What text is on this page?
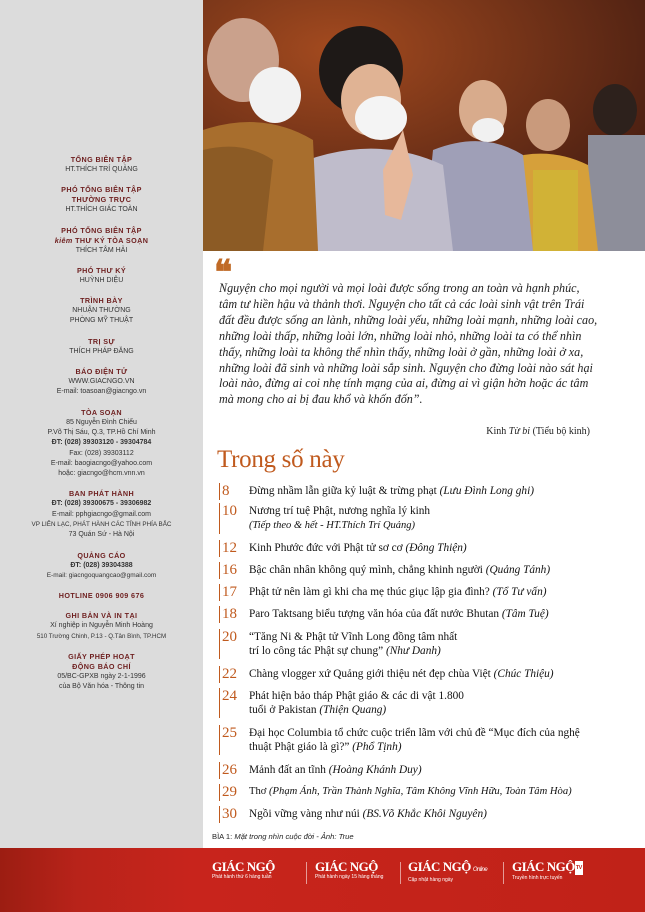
TỔNG BIÊN TẬP
HT.THÍCH TRÍ QUẢNG
PHÓ TỔNG BIÊN TẬP THƯỜNG TRỰC
HT.THÍCH GIÁC TOÀN
PHÓ TỔNG BIÊN TẬP
kiêm THƯ KÝ TÒA SOẠN
THÍCH TÂM HẢI
PHÓ THƯ KÝ
HUỲNH DIỆU
TRÌNH BÀY
NHUẬN THƯỜNG
PHÒNG MỸ THUẬT
TRỊ SỰ
THÍCH PHÁP ĐĂNG
BÁO ĐIỆN TỬ
WWW.GIACNGO.VN
E-mail: toasoan@giacngo.vn
TÒA SOẠN
85 Nguyễn Đình Chiểu
P.Võ Thị Sáu, Q.3, TP.Hồ Chí Minh
ĐT: (028) 39303120 - 39304784
Fax: (028) 39303112
E-mail: baogiacngo@yahoo.com
hoặc: giacngo@hcm.vnn.vn
BAN PHÁT HÀNH
ĐT: (028) 39300675 - 39306982
E-mail: pphgiacngo@gmail.com
VP LIÊN LẠC, PHÁT HÀNH CÁC TỈNH PHÍA BẮC
73 Quán Sứ - Hà Nội
QUẢNG CÁO
ĐT: (028) 39304388
E-mail: giacngoquangcao@gmail.com
HOTLINE 0906 909 676
GHI BẢN VÀ IN TẠI
Xí nghiệp in Nguyễn Minh Hoàng
510 Trường Chinh, P.13 - Q.Tân Bình, TP.HCM
GIẤY PHÉP HOẠT ĐỘNG BÁO CHÍ
05/BC-GPXB ngày 2-1-1996
của Bộ Văn hóa - Thông tin
❝
Nguyện cho mọi người và mọi loài được sống trong an toàn và hạnh phúc, tâm tư hiền hậu và thảnh thơi. Nguyện cho tất cả các loài sinh vật trên Trái đất đều được sống an lành, những loài yếu, những loài mạnh, những loài cao, những loài thấp, những loài lớn, những loài nhỏ, những loài ta có thể nhìn thấy, những loài ta không thể nhìn thấy, những loài ở gần, những loài ở xa, những loài đã sinh và những loài sắp sinh. Nguyện cho đừng loài nào sát hại loài nào, đừng ai coi nhẹ tính mạng của ai, đừng ai vì giận hờn hoặc ác tâm mà mong cho ai bị đau khổ và khốn đốn”.
Kinh Từ bi (Tiểu bộ kinh)
Trong số này
8	Đừng nhầm lẫn giữa kỷ luật & trừng phạt (Lưu Đình Long ghi)
10	Nương trí tuệ Phật, nương nghĩa lý kinh
(Tiếp theo & hết - HT.Thích Trí Quảng)
12	Kinh Phước đức với Phật tử sơ cơ (Đông Thiện)
16	Bậc chân nhân không quý mình, chẳng khinh người (Quảng Tánh)
17	Phật tử nên làm gì khi cha mẹ thúc giục lập gia đình? (Tổ Tư vấn)
18	Paro Taktsang biểu tượng văn hóa của đất nước Bhutan (Tâm Tuệ)
20	“Tăng Ni & Phật tử Vĩnh Long đồng tâm nhất trí lo công tác Phật sự chung” (Như Danh)
22	Chàng vlogger xứ Quảng giới thiệu nét đẹp chùa Việt (Chúc Thiệu)
24	Phát hiện bảo tháp Phật giáo & các di vật 1.800 tuổi ở Pakistan (Thiện Quang)
25	Đại học Columbia tổ chức cuộc triển lãm với chủ đề “Mục đích của nghệ thuật Phật giáo là gì?” (Phổ Tịnh)
26	Mảnh đất an tĩnh (Hoàng Khánh Duy)
29	Thơ (Phạm Ánh, Trần Thành Nghĩa, Tâm Không Vĩnh Hữu, Toàn Tâm Hòa)
30	Ngồi vững vàng như núi (BS.Võ Khắc Khôi Nguyên)
BÌA 1: Mặt trong nhìn cuộc đời - Ảnh: True
GIÁC NGỘ
Phát hành thứ 6 hàng tuần
GIÁC NGỘ
Phát hành ngày 15 hàng tháng
GIÁC NGỘ Online
Cập nhật hàng ngày
GIÁC NGỘTV
Truyền hình trực tuyến
